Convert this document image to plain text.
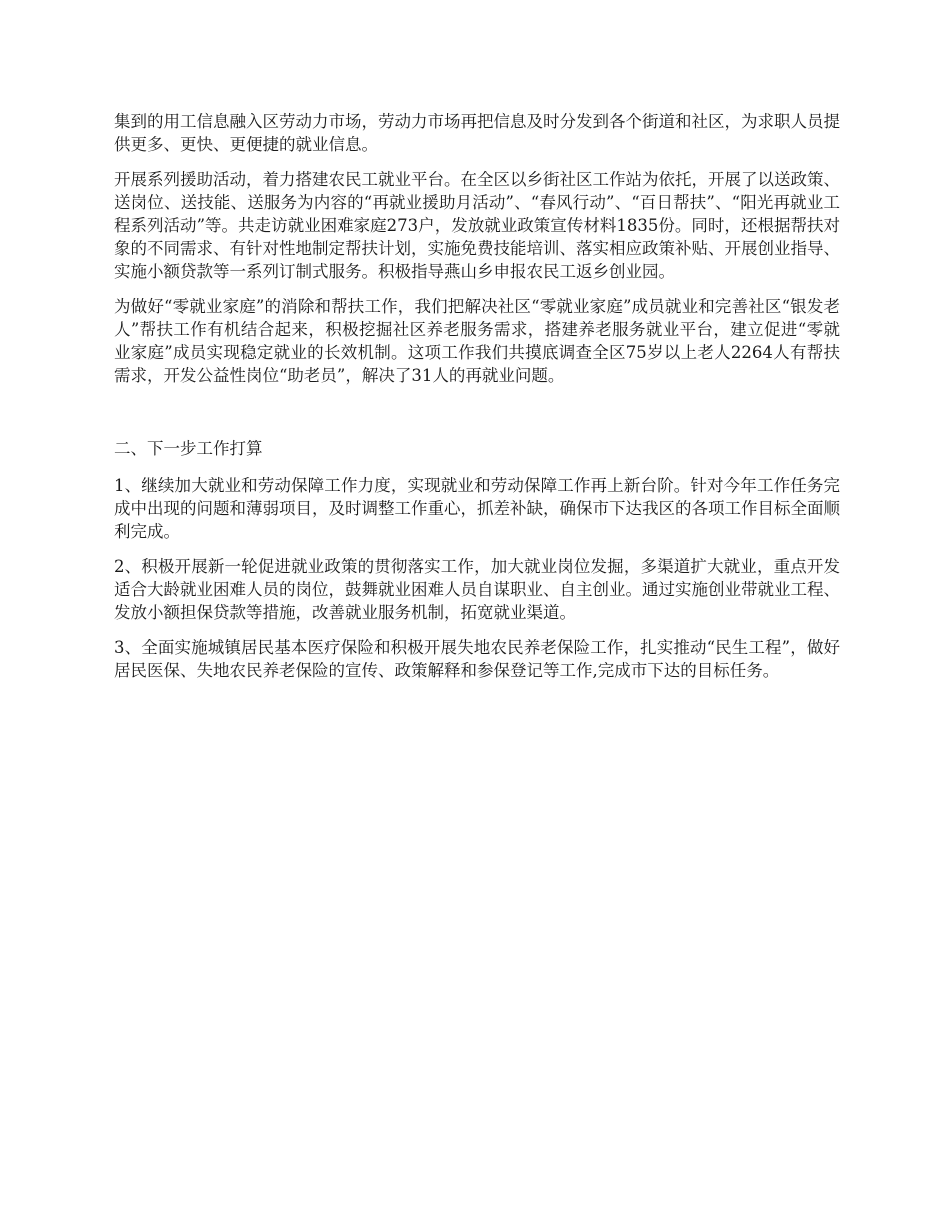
集到的用工信息融入区劳动力市场，劳动力市场再把信息及时分发到各个街道和社区，为求职人员提供更多、更快、更便捷的就业信息。

开展系列援助活动，着力搭建农民工就业平台。在全区以乡街社区工作站为依托，开展了以送政策、送岗位、送技能、送服务为内容的“再就业援助月活动”、“春风行动”、“百日帮扶”、“阳光再就业工程系列活动”等。共走访就业困难家庭273户，发放就业政策宣传材料1835份。同时，还根据帮扶对象的不同需求、有针对性地制定帮扶计划，实施免费技能培训、落实相应政策补贴、开展创业指导、实施小额贷款等一系列订制式服务。积极指导燕山乡申报农民工返乡创业园。

为做好“零就业家庭”的消除和帮扶工作，我们把解决社区“零就业家庭”成员就业和完善社区“银发老人”帮扶工作有机结合起来，积极挖掘社区养老服务需求，搭建养老服务就业平台，建立促进“零就业家庭”成员实现稳定就业的长效机制。这项工作我们共摸底调查全区75岁以上老人2264人有帮扶需求，开发公益性岗位“助老员”，解决了31人的再就业问题。

二、下一步工作打算

1、继续加大就业和劳动保障工作力度，实现就业和劳动保障工作再上新台阶。针对今年工作任务完成中出现的问题和薄弱项目，及时调整工作重心，抓差补缺，确保市下达我区的各项工作目标全面顺利完成。

2、积极开展新一轮促进就业政策的贯彻落实工作，加大就业岗位发掘，多渠道扩大就业，重点开发适合大龄就业困难人员的岗位，鼓舞就业困难人员自谋职业、自主创业。通过实施创业带就业工程、发放小额担保贷款等措施，改善就业服务机制，拓宽就业渠道。

3、全面实施城镇居民基本医疗保险和积极开展失地农民养老保险工作，扎实推动“民生工程”，做好居民医保、失地农民养老保险的宣传、政策解释和参保登记等工作,完成市下达的目标任务。
